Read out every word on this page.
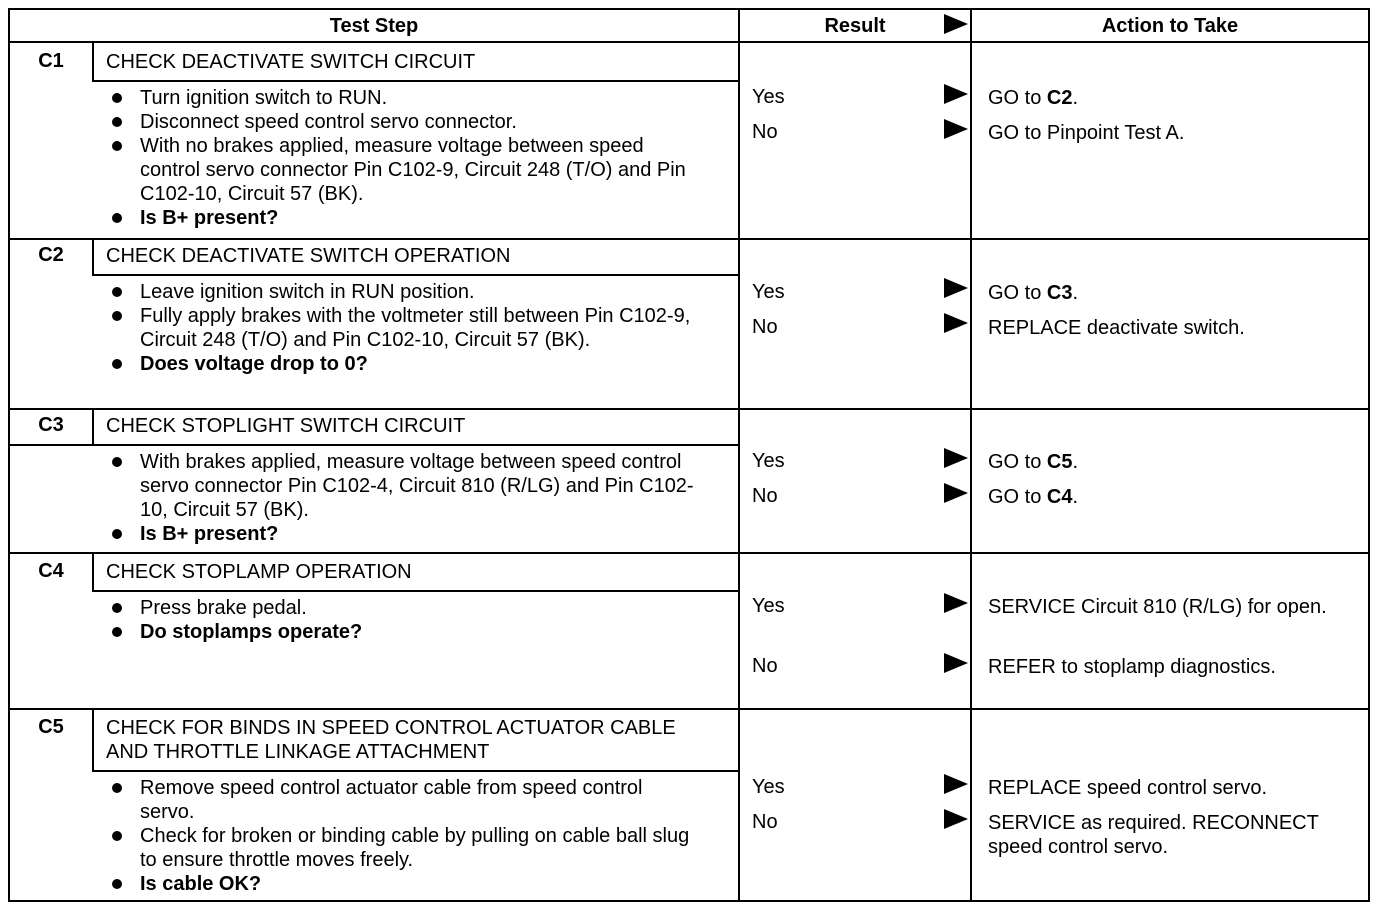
Test Step	Result	Action to Take
C1	CHECK DEACTIVATE SWITCH CIRCUIT
Turn ignition switch to RUN.
Disconnect speed control servo connector.
With no brakes applied, measure voltage between speed control servo connector Pin C102-9, Circuit 248 (T/O) and Pin C102-10, Circuit 57 (BK).
Is B+ present?
Yes	GO to C2.
No	GO to Pinpoint Test A.
C2	CHECK DEACTIVATE SWITCH OPERATION
Leave ignition switch in RUN position.
Fully apply brakes with the voltmeter still between Pin C102-9, Circuit 248 (T/O) and Pin C102-10, Circuit 57 (BK).
Does voltage drop to 0?
Yes	GO to C3.
No	REPLACE deactivate switch.
C3	CHECK STOPLIGHT SWITCH CIRCUIT
With brakes applied, measure voltage between speed control servo connector Pin C102-4, Circuit 810 (R/LG) and Pin C102-10, Circuit 57 (BK).
Is B+ present?
Yes	GO to C5.
No	GO to C4.
C4	CHECK STOPLAMP OPERATION
Press brake pedal.
Do stoplamps operate?
Yes	SERVICE Circuit 810 (R/LG) for open.
No	REFER to stoplamp diagnostics.
C5	CHECK FOR BINDS IN SPEED CONTROL ACTUATOR CABLE AND THROTTLE LINKAGE ATTACHMENT
Remove speed control actuator cable from speed control servo.
Check for broken or binding cable by pulling on cable ball slug to ensure throttle moves freely.
Is cable OK?
Yes	REPLACE speed control servo.
No	SERVICE as required. RECONNECT speed control servo.
